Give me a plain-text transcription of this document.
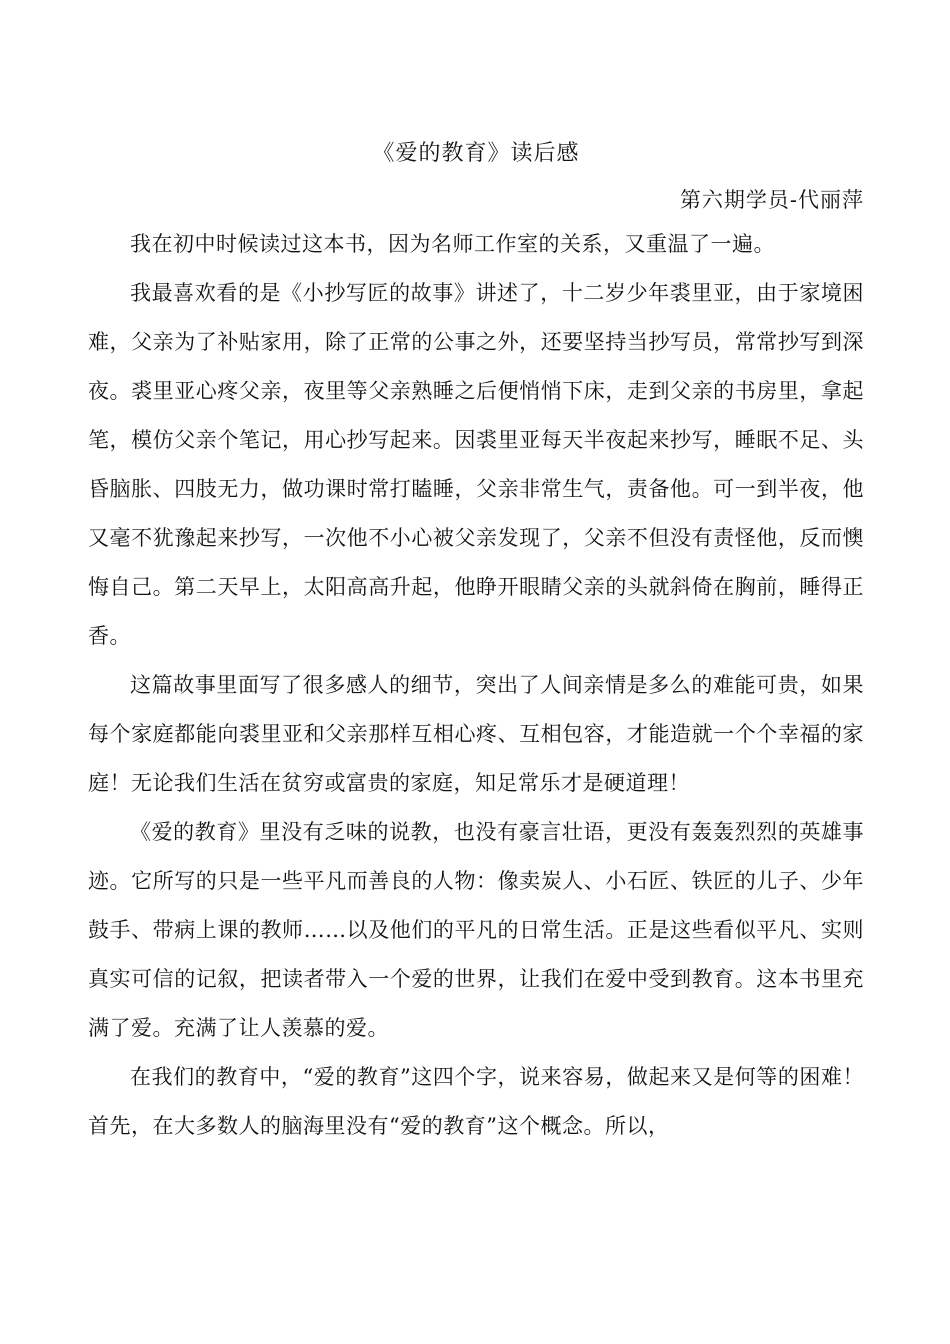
《爱的教育》读后感
第六期学员-代丽萍

我在初中时候读过这本书，因为名师工作室的关系，又重温了一遍。

我最喜欢看的是《小抄写匠的故事》讲述了，十二岁少年裘里亚，由于家境困难，父亲为了补贴家用，除了正常的公事之外，还要坚持当抄写员，常常抄写到深夜。裘里亚心疼父亲，夜里等父亲熟睡之后便悄悄下床，走到父亲的书房里，拿起笔，模仿父亲个笔记，用心抄写起来。因裘里亚每天半夜起来抄写，睡眠不足、头昏脑胀、四肢无力，做功课时常打瞌睡，父亲非常生气，责备他。可一到半夜，他又毫不犹豫起来抄写，一次他不小心被父亲发现了，父亲不但没有责怪他，反而懊悔自己。第二天早上，太阳高高升起，他睁开眼睛父亲的头就斜倚在胸前，睡得正香。

这篇故事里面写了很多感人的细节，突出了人间亲情是多么的难能可贵，如果每个家庭都能向裘里亚和父亲那样互相心疼、互相包容，才能造就一个个幸福的家庭！无论我们生活在贫穷或富贵的家庭，知足常乐才是硬道理！

《爱的教育》里没有乏味的说教，也没有豪言壮语，更没有轰轰烈烈的英雄事迹。它所写的只是一些平凡而善良的人物：像卖炭人、小石匠、铁匠的儿子、少年鼓手、带病上课的教师……以及他们的平凡的日常生活。正是这些看似平凡、实则真实可信的记叙，把读者带入一个爱的世界，让我们在爱中受到教育。这本书里充满了爱。充满了让人羡慕的爱。

在我们的教育中，“爱的教育”这四个字，说来容易，做起来又是何等的困难！首先，在大多数人的脑海里没有“爱的教育”这个概念。所以，
